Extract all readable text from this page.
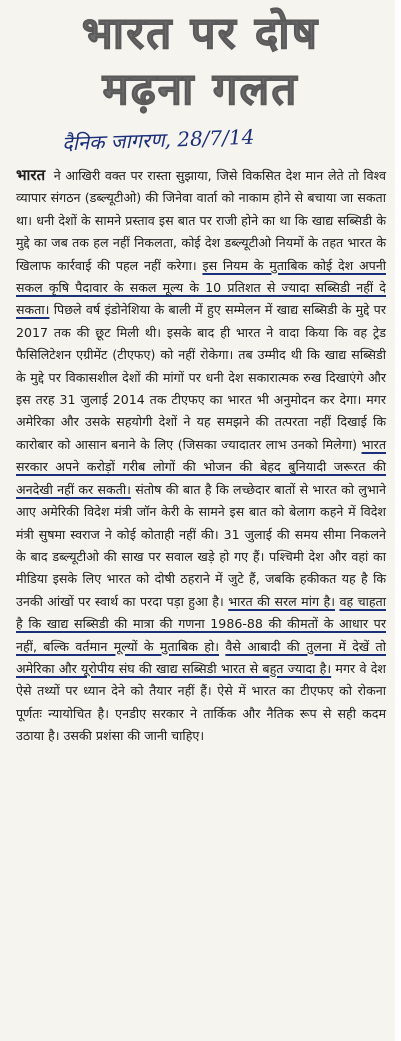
भारत पर दोष
मढ़ना गलत
दैनिक जागरण, 28/7/14
भारत ने आखिरी वक्त पर रास्ता सुझाया, जिसे विकसित देश मान लेते तो विश्व व्यापार संगठन (डब्ल्यूटीओ) की जिनेवा वार्ता को नाकाम होने से बचाया जा सकता था। धनी देशों के सामने प्रस्ताव इस बात पर राजी होने का था कि खाद्य सब्सिडी के मुद्दे का जब तक हल नहीं निकलता, कोई देश डब्ल्यूटीओ नियमों के तहत भारत के खिलाफ कार्रवाई की पहल नहीं करेगा। इस नियम के मुताबिक कोई देश अपनी सकल कृषि पैदावार के सकल मूल्य के 10 प्रतिशत से ज्यादा सब्सिडी नहीं दे सकता। पिछले वर्ष इंडोनेशिया के बाली में हुए सम्मेलन में खाद्य सब्सिडी के मुद्दे पर 2017 तक की छूट मिली थी। इसके बाद ही भारत ने वादा किया कि वह ट्रेड फैसिलिटेशन एग्रीमेंट (टीएफए) को नहीं रोकेगा। तब उम्मीद थी कि खाद्य सब्सिडी के मुद्दे पर विकासशील देशों की मांगों पर धनी देश सकारात्मक रुख दिखाएंगे और इस तरह 31 जुलाई 2014 तक टीएफए का भारत भी अनुमोदन कर देगा। मगर अमेरिका और उसके सहयोगी देशों ने यह समझने की तत्परता नहीं दिखाई कि कारोबार को आसान बनाने के लिए (जिसका ज्यादातर लाभ उनको मिलेगा) भारत सरकार अपने करोड़ों गरीब लोगों की भोजन की बेहद बुनियादी जरूरत की अनदेखी नहीं कर सकती। संतोष की बात है कि लच्छेदार बातों से भारत को लुभाने आए अमेरिकी विदेश मंत्री जॉन केरी के सामने इस बात को बेलाग कहने में विदेश मंत्री सुषमा स्वराज ने कोई कोताही नहीं की। 31 जुलाई की समय सीमा निकलने के बाद डब्ल्यूटीओ की साख पर सवाल खड़े हो गए हैं। पश्चिमी देश और वहां का मीडिया इसके लिए भारत को दोषी ठहराने में जुटे हैं, जबकि हकीकत यह है कि उनकी आंखों पर स्वार्थ का परदा पड़ा हुआ है। भारत की सरल मांग है। वह चाहता है कि खाद्य सब्सिडी की मात्रा की गणना 1986-88 की कीमतों के आधार पर नहीं, बल्कि वर्तमान मूल्यों के मुताबिक हो। वैसे आबादी की तुलना में देखें तो अमेरिका और यूरोपीय संघ की खाद्य सब्सिडी भारत से बहुत ज्यादा है। मगर वे देश ऐसे तथ्यों पर ध्यान देने को तैयार नहीं हैं। ऐसे में भारत का टीएफए को रोकना पूर्णतः न्यायोचित है। एनडीए सरकार ने तार्किक और नैतिक रूप से सही कदम उठाया है। उसकी प्रशंसा की जानी चाहिए।
